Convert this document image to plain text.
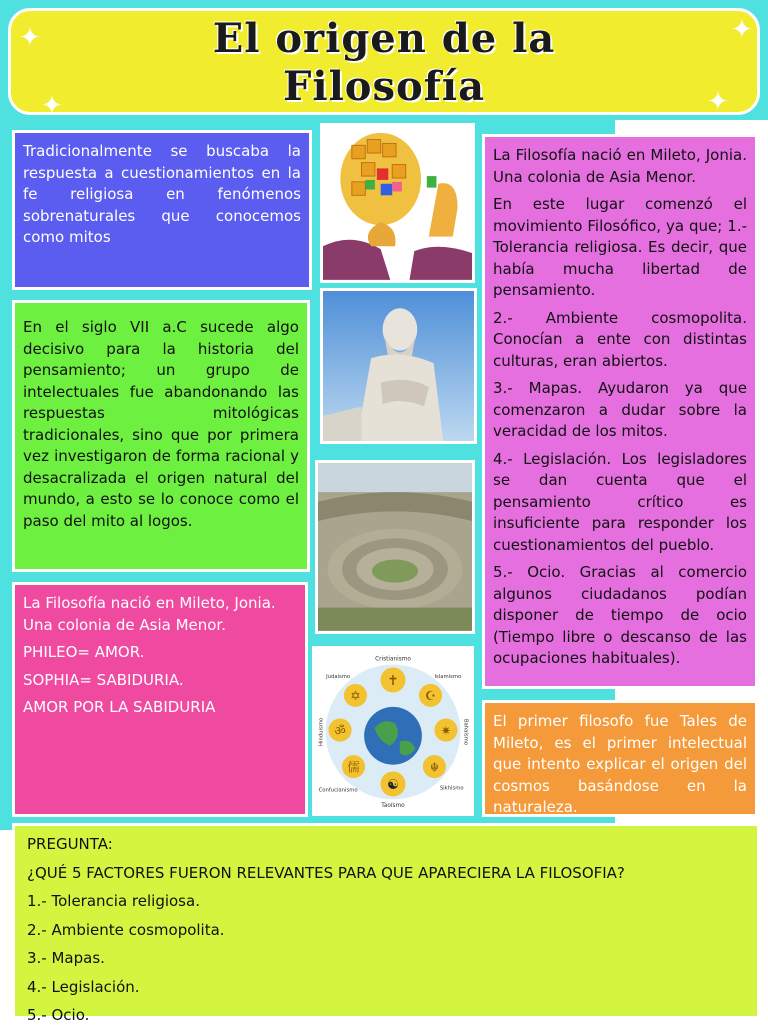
El origen de la
Filosofía
✦
✦
✦
✦

Tradicionalmente se buscaba la respuesta a cuestionamientos en la fe religiosa en fenómenos sobrenaturales que conocemos como mitos

En el siglo VII a.C sucede algo decisivo para la historia del pensamiento; un grupo de intelectuales fue abandonando las respuestas mitológicas tradicionales, sino que por primera vez investigaron de forma racional y desacralizada el origen natural del mundo, a esto se lo conoce como el paso del mito al logos.

La Filosofía nació en Mileto, Jonia. Una colonia de Asia Menor.

PHILEO= AMOR.

SOPHIA= SABIDURIA.

AMOR POR LA SABIDURIA

La Filosofía nació en Mileto, Jonia. Una colonia de Asia Menor.

En este lugar comenzó el movimiento Filosófico, ya que; 1.- Tolerancia religiosa. Es decir, que había mucha libertad de pensamiento.

2.- Ambiente cosmopolita. Conocían a ente con distintas culturas, eran abiertos.

3.- Mapas. Ayudaron ya que comenzaron a dudar sobre la veracidad de los mitos.

4.- Legislación. Los legisladores se dan cuenta que el pensamiento crítico es insuficiente para responder los cuestionamientos del pueblo.

5.- Ocio. Gracias al comercio algunos ciudadanos podían disponer de tiempo de ocio (Tiempo libre o descanso de las ocupaciones habituales).

El primer filosofo fue Tales de Mileto, es el primer intelectual que intento explicar el origen del cosmos basándose en la naturaleza.

PREGUNTA:

¿QUÉ 5 FACTORES FUERON RELEVANTES PARA QUE APARECIERA LA FILOSOFIA?

1.- Tolerancia religiosa.

2.- Ambiente cosmopolita.

3.- Mapas.

4.- Legislación.

5.- Ocio.

✝
☪
✷
☬
☯
儒
ॐ
✡
Cristianismo
Islamismo
Bahaísmo
Sikhismo
Taoísmo
Confucianismo
Hinduismo
Judaísmo
